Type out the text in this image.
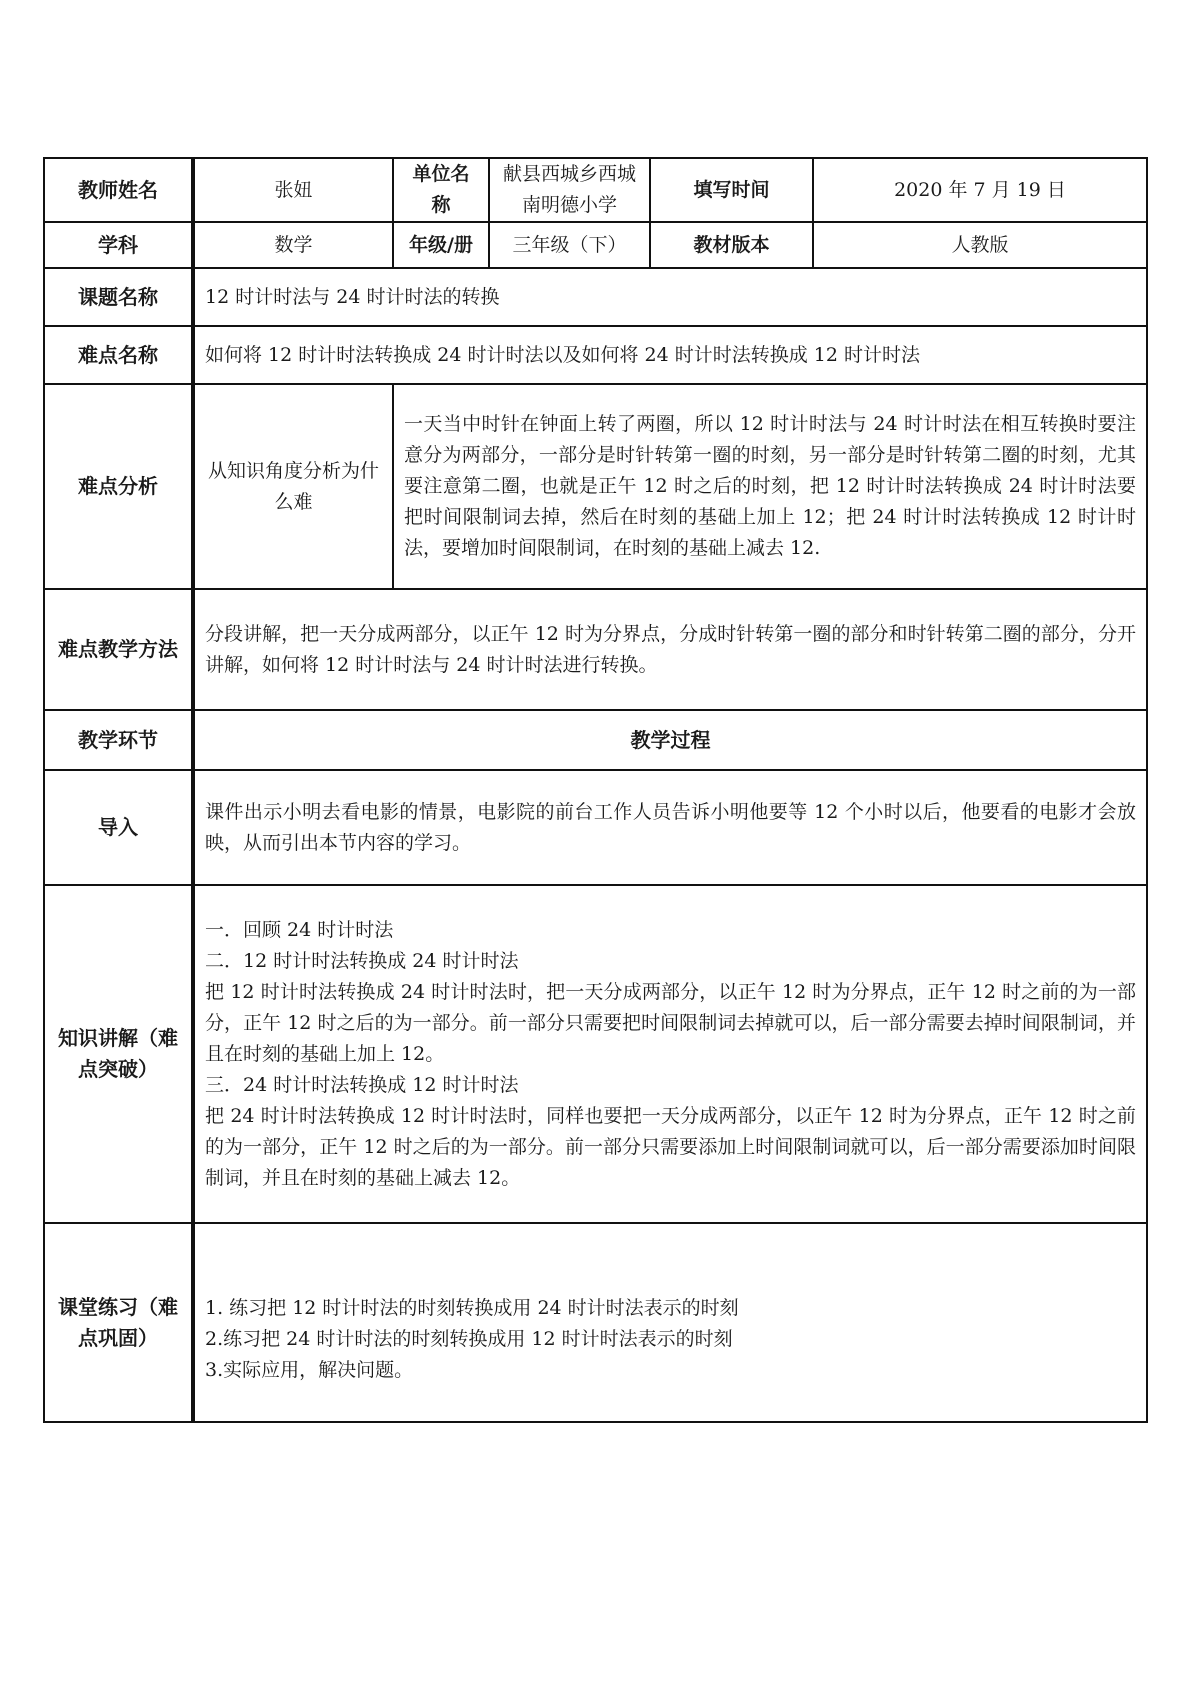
教师姓名	张妞	单位名称	献县西城乡西城南明德小学	填写时间	2020 年 7 月 19 日
学科	数学	年级/册	三年级（下）	教材版本	人教版
课题名称	12 时计时法与 24 时计时法的转换				
难点名称	如何将 12 时计时法转换成 24 时计时法以及如何将 24 时计时法转换成 12 时计时法				
难点分析	从知识角度分析为什么难	一天当中时针在钟面上转了两圈，所以 12 时计时法与 24 时计时法在相互转换时要注意分为两部分，一部分是时针转第一圈的时刻，另一部分是时针转第二圈的时刻，尤其要注意第二圈，也就是正午 12 时之后的时刻，把 12 时计时法转换成 24 时计时法要把时间限制词去掉，然后在时刻的基础上加上 12；把 24 时计时法转换成 12 时计时法，要增加时间限制词，在时刻的基础上减去 12.			
难点教学方法	分段讲解，把一天分成两部分，以正午 12 时为分界点，分成时针转第一圈的部分和时针转第二圈的部分，分开讲解，如何将 12 时计时法与 24 时计时法进行转换。				
教学环节	教学过程				
导入	课件出示小明去看电影的情景，电影院的前台工作人员告诉小明他要等 12 个小时以后，他要看的电影才会放映，从而引出本节内容的学习。				
知识讲解（难点突破）	一．回顾 24 时计时法
二．12 时计时法转换成 24 时计时法
把 12 时计时法转换成 24 时计时法时，把一天分成两部分，以正午 12 时为分界点，正午 12 时之前的为一部分，正午 12 时之后的为一部分。前一部分只需要把时间限制词去掉就可以，后一部分需要去掉时间限制词，并且在时刻的基础上加上 12。
三．24 时计时法转换成 12 时计时法
把 24 时计时法转换成 12 时计时法时，同样也要把一天分成两部分，以正午 12 时为分界点，正午 12 时之前的为一部分，正午 12 时之后的为一部分。前一部分只需要添加上时间限制词就可以，后一部分需要添加时间限制词，并且在时刻的基础上减去 12。				

课堂练习（难点巩固）	1. 练习把 12 时计时法的时刻转换成用 24 时计时法表示的时刻
2.练习把 24 时计时法的时刻转换成用 12 时计时法表示的时刻
3.实际应用，解决问题。				
